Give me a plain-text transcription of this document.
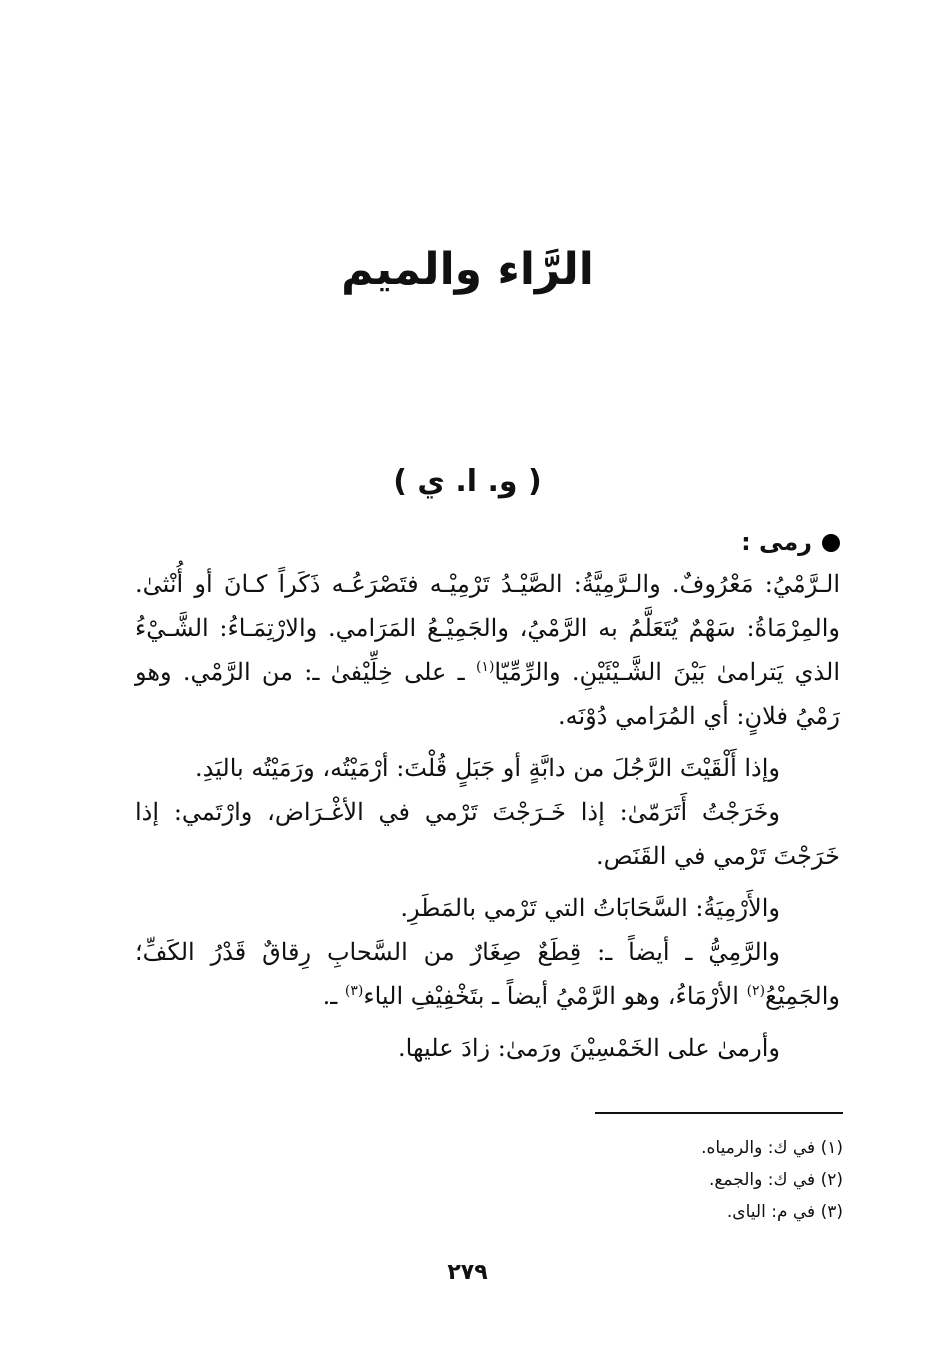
الرَّاء والميم
( و. ا. ي )
رمى :

الـرَّمْيُ: مَعْرُوفٌ. والـرَّمِيَّةُ: الصَّيْـدُ تَرْمِيْـه فتَصْرَعُـه ذَكَراً كـانَ أو أُنْثىٰ. والمِرْمَاةُ: سَهْمٌ يُتَعَلَّمُ به الرَّمْيُ، والجَمِيْـعُ المَرَامي. والارْتِمَـاءُ: الشَّـيْءُ الذي يَترامىٰ بَيْنَ الشَّـيْئَيْنِ. والرِّمِّيّا$^{(١)}$ ـ على خِلِّيْفىٰ ـ: من الرَّمْي. وهو رَمْيُ فلانٍ: أي المُرَامي دُوْنَه.

وإذا أَلْقَيْتَ الرَّجُلَ من دابَّةٍ أو جَبَلٍ قُلْتَ: أرْمَيْتُه، ورَمَيْتُه باليَدِ.

وخَرَجْتُ أَتَرَمّىٰ: إذا خَـرَجْتَ تَرْمي في الأغْـرَاض، وارْتَمي: إذا خَرَجْتَ تَرْمي في القَنَص.

والأَرْمِيَةُ: السَّحَابَاتُ التي تَرْمي بالمَطَرِ.

والرَّمِيُّ ـ أيضاً ـ: قِطَعٌ صِغَارٌ من السَّحابِ رِقاقٌ قَدْرُ الكَفِّ؛ والجَمِيْعُ$^{(٢)}$ الأرْمَاءُ، وهو الرَّمْيُ أيضاً ـ بتَخْفِيْفِ الياء$^{(٣)}$ ـ.

وأرمىٰ على الخَمْسِيْنَ ورَمىٰ: زادَ عليها.

(١) في ك: والرمياه.

(٢) في ك: والجمع.

(٣) في م: اليای.

٢٧٩
